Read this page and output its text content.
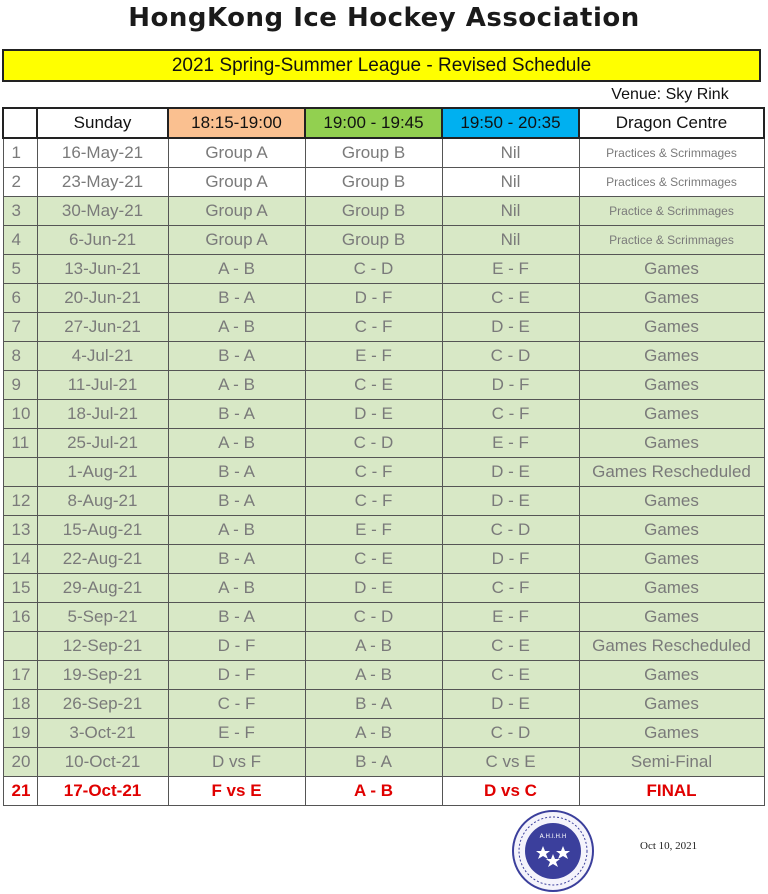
HongKong Ice Hockey Association
2021 Spring-Summer League - Revised Schedule
Venue: Sky Rink
	Sunday	18:15-19:00	19:00 - 19:45	19:50 - 20:35	Dragon Centre
1	16-May-21	Group A	Group B	Nil	Practices & Scrimmages
2	23-May-21	Group A	Group B	Nil	Practices & Scrimmages
3	30-May-21	Group A	Group B	Nil	Practice & Scrimmages
4	6-Jun-21	Group A	Group B	Nil	Practice & Scrimmages
5	13-Jun-21	A - B	C - D	E - F	Games
6	20-Jun-21	B - A	D - F	C - E	Games
7	27-Jun-21	A - B	C - F	D - E	Games
8	4-Jul-21	B - A	E - F	C - D	Games
9	11-Jul-21	A - B	C - E	D - F	Games
10	18-Jul-21	B - A	D - E	C - F	Games
11	25-Jul-21	A - B	C - D	E - F	Games
	1-Aug-21	B - A	C - F	D - E	Games Rescheduled
12	8-Aug-21	B - A	C - F	D - E	Games
13	15-Aug-21	A - B	E - F	C - D	Games
14	22-Aug-21	B - A	C - E	D - F	Games
15	29-Aug-21	A - B	D - E	C - F	Games
16	5-Sep-21	B - A	C - D	E - F	Games
	12-Sep-21	D - F	A - B	C - E	Games Rescheduled
17	19-Sep-21	D - F	A - B	C - E	Games
18	26-Sep-21	C - F	B - A	D - E	Games
19	3-Oct-21	E - F	A - B	C - D	Games
20	10-Oct-21	D vs F	B - A	C vs E	Semi-Final
21	17-Oct-21	F vs E	A - B	D vs C	FINAL
A.H.I.H.H
Oct 10, 2021
